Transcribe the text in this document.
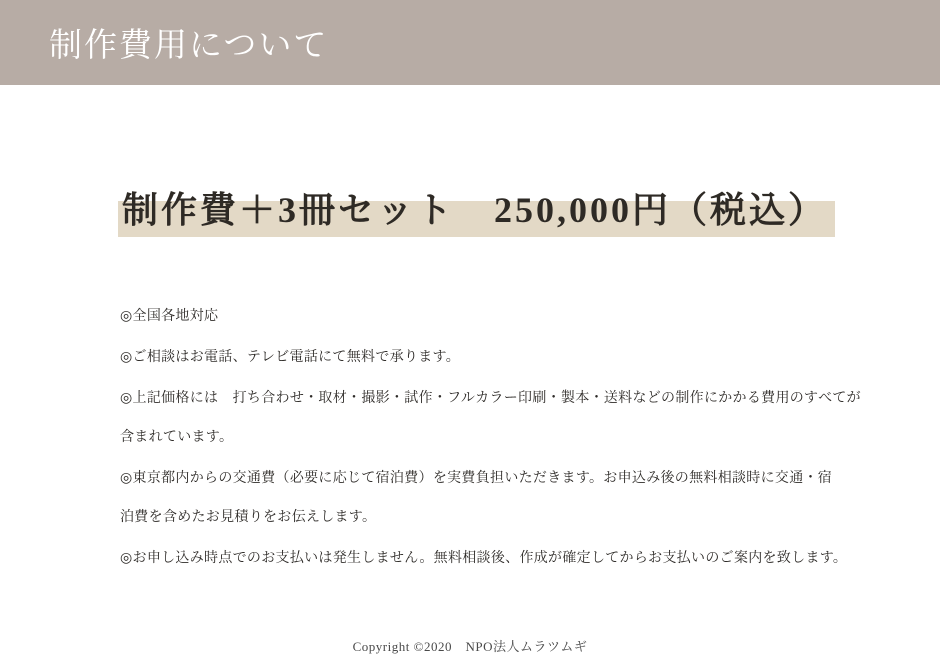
制作費用について
制作費＋3冊セット　250,000円（税込）

◎全国各地対応

◎ご相談はお電話、テレビ電話にて無料で承ります。

◎上記価格には　打ち合わせ・取材・撮影・試作・フルカラー印刷・製本・送料などの制作にかかる費用のすべてが
含まれています。

◎東京都内からの交通費（必要に応じて宿泊費）を実費負担いただきます。お申込み後の無料相談時に交通・宿
泊費を含めたお見積りをお伝えします。

◎お申し込み時点でのお支払いは発生しません。無料相談後、作成が確定してからお支払いのご案内を致します。

Copyright ©2020　NPO法人ムラツムギ
